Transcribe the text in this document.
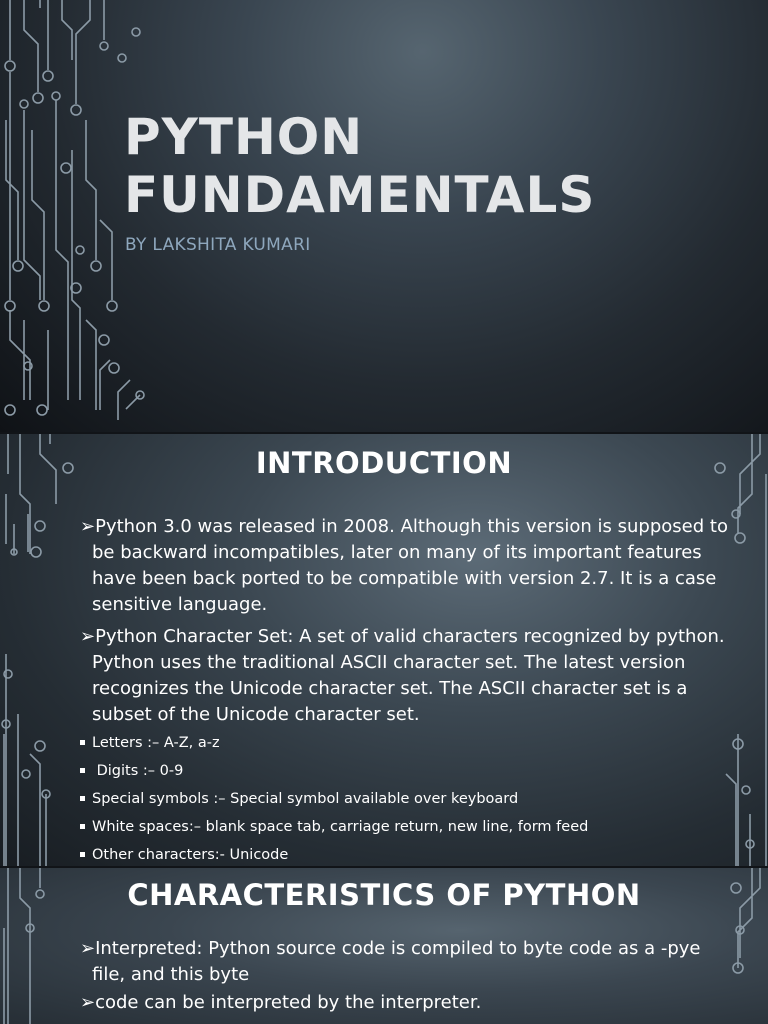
PYTHON
FUNDAMENTALS
BY LAKSHITA KUMARI
INTRODUCTION
➢Python 3.0 was released in 2008. Although this version is supposed to be backward incompatibles, later on many of its important features have been back ported to be compatible with version 2.7. It is a case sensitive language.
➢Python Character Set: A set of valid characters recognized by python. Python uses the traditional ASCII character set. The latest version recognizes the Unicode character set. The ASCII character set is a subset of the Unicode character set.
Letters :– A-Z, a-z
Digits :– 0-9
Special symbols :– Special symbol available over keyboard
White spaces:– blank space tab, carriage return, new line, form feed
Other characters:- Unicode
CHARACTERISTICS OF PYTHON
➢Interpreted: Python source code is compiled to byte code as a -pye file, and this byte
➢code can be interpreted by the interpreter.
